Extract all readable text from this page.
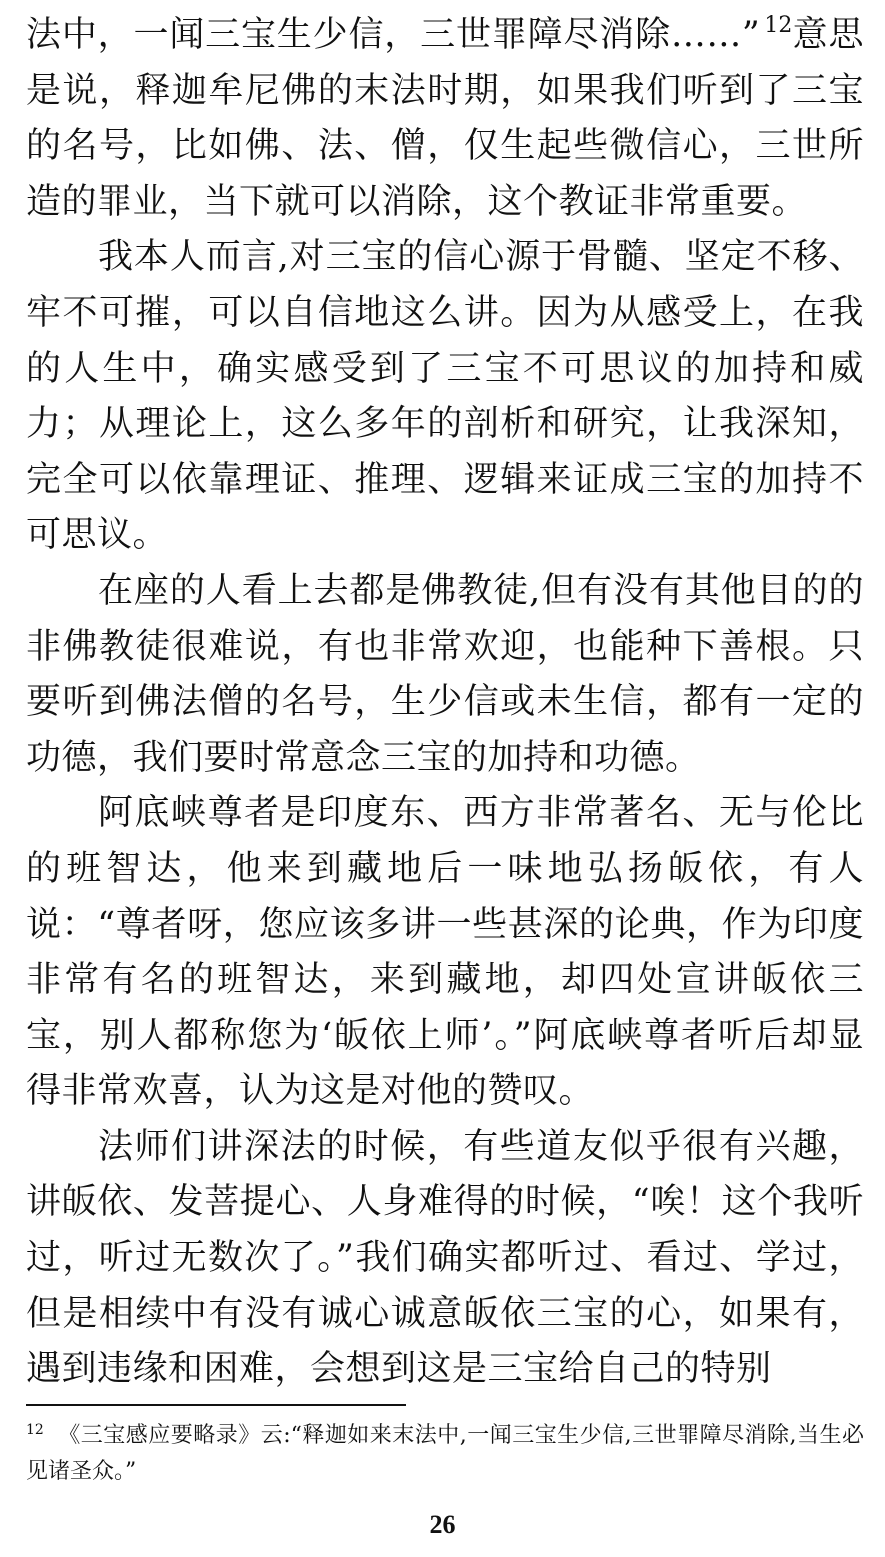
法中，一闻三宝生少信，三世罪障尽消除……” $^{12}$意思是说，释迦牟尼佛的末法时期，如果我们听到了三宝的名号，比如佛、法、僧，仅生起些微信心，三世所造的罪业，当下就可以消除，这个教证非常重要。

我本人而言,对三宝的信心源于骨髓、坚定不移、牢不可摧，可以自信地这么讲。因为从感受上，在我的人生中，确实感受到了三宝不可思议的加持和威力；从理论上，这么多年的剖析和研究，让我深知，完全可以依靠理证、推理、逻辑来证成三宝的加持不可思议。

在座的人看上去都是佛教徒,但有没有其他目的的非佛教徒很难说，有也非常欢迎，也能种下善根。只要听到佛法僧的名号，生少信或未生信，都有一定的功德，我们要时常意念三宝的加持和功德。

阿底峡尊者是印度东、西方非常著名、无与伦比的班智达，他来到藏地后一味地弘扬皈依，有人说：“尊者呀，您应该多讲一些甚深的论典，作为印度非常有名的班智达，来到藏地，却四处宣讲皈依三宝，别人都称您为‘皈依上师’。”阿底峡尊者听后却显得非常欢喜，认为这是对他的赞叹。

法师们讲深法的时候，有些道友似乎很有兴趣，讲皈依、发菩提心、人身难得的时候，“唉！这个我听过，听过无数次了。”我们确实都听过、看过、学过，但是相续中有没有诚心诚意皈依三宝的心，如果有，遇到违缘和困难，会想到这是三宝给自己的特别

$^{12}$ 《三宝感应要略录》云:“释迦如来末法中,一闻三宝生少信,三世罪障尽消除,当生必见诸圣众。”
26
